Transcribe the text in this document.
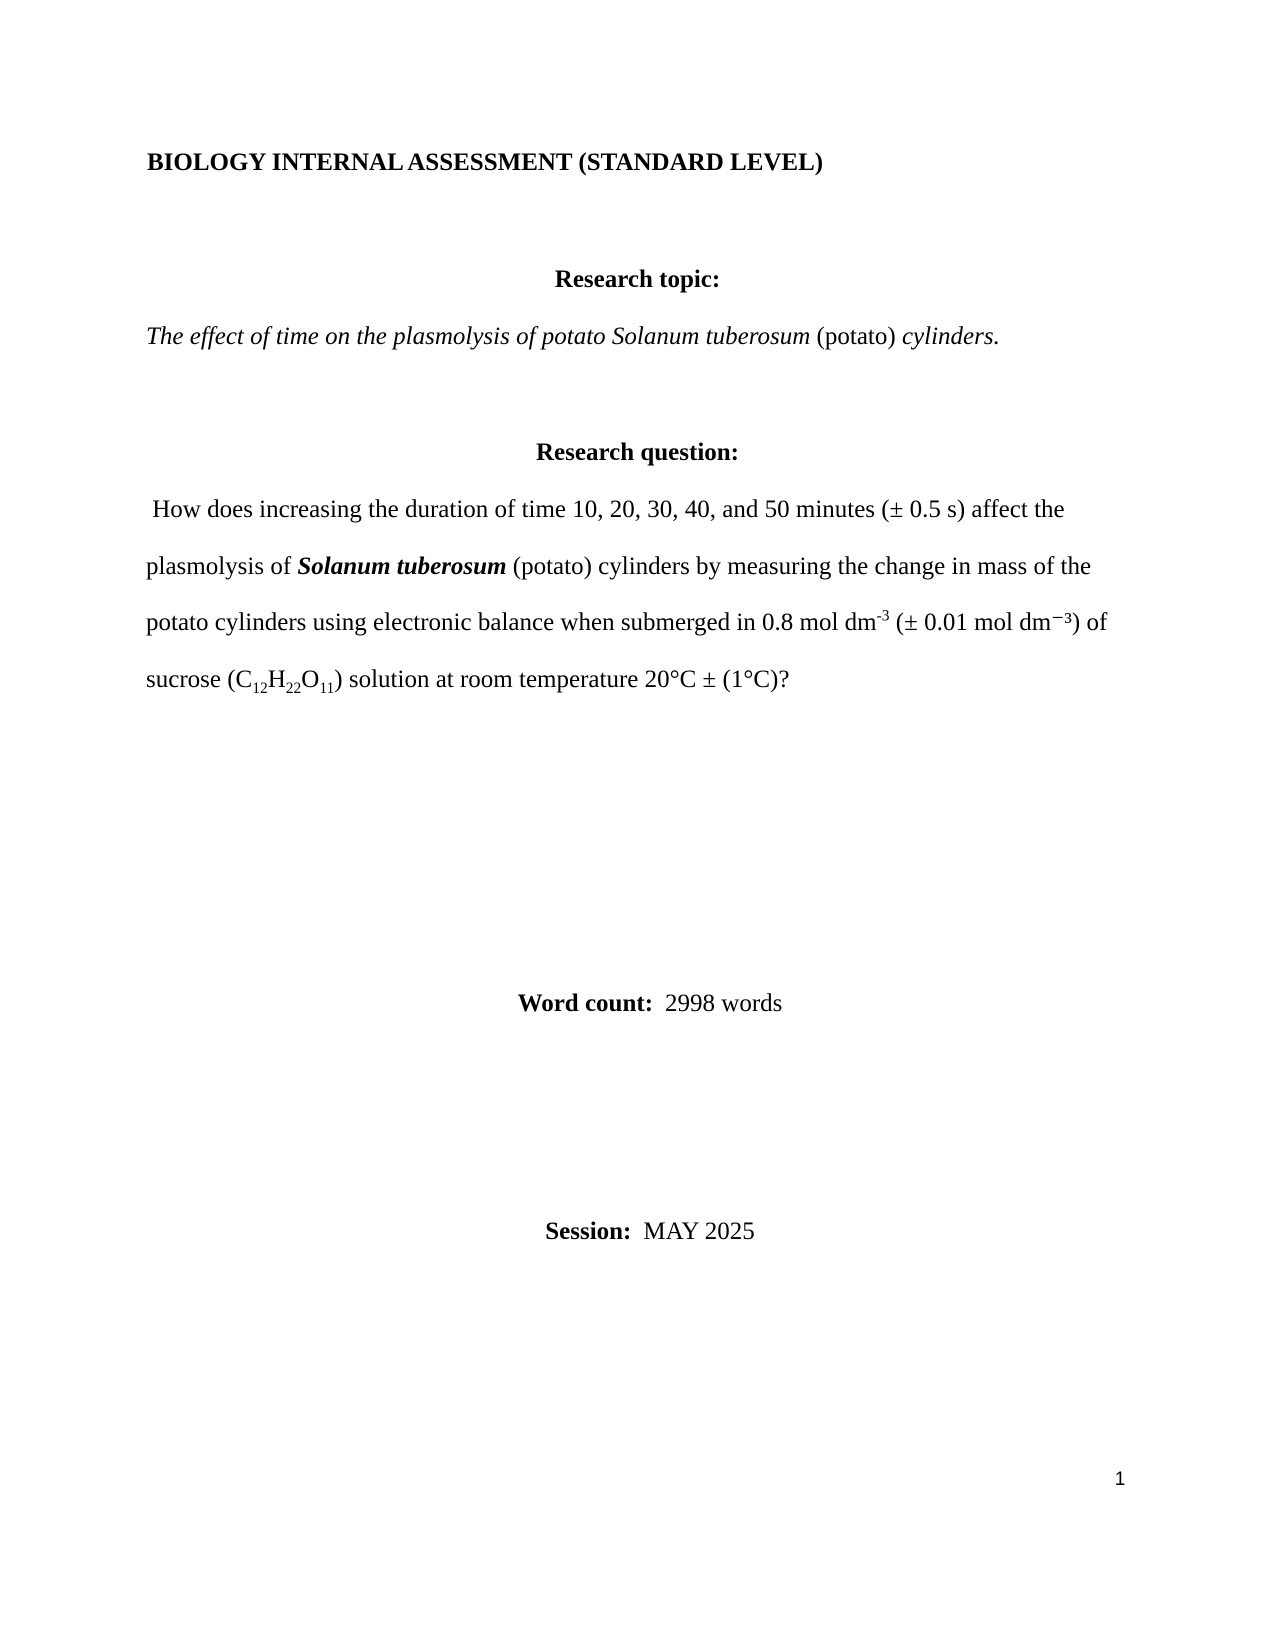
BIOLOGY INTERNAL ASSESSMENT (STANDARD LEVEL)
Research topic:
The effect of time on the plasmolysis of potato Solanum tuberosum (potato) cylinders.
Research question:
How does increasing the duration of time 10, 20, 30, 40, and 50 minutes (± 0.5 s) affect the
plasmolysis of Solanum tuberosum (potato) cylinders by measuring the change in mass of the
potato cylinders using electronic balance when submerged in 0.8 mol $dm^{-3}$ (± 0.01 mol dm⁻³) of
sucrose $(C_{12}H_{22}O_{11})$ solution at room temperature 20°C ± (1°C)?

Word count: 2998 words

Session: MAY 2025

1
